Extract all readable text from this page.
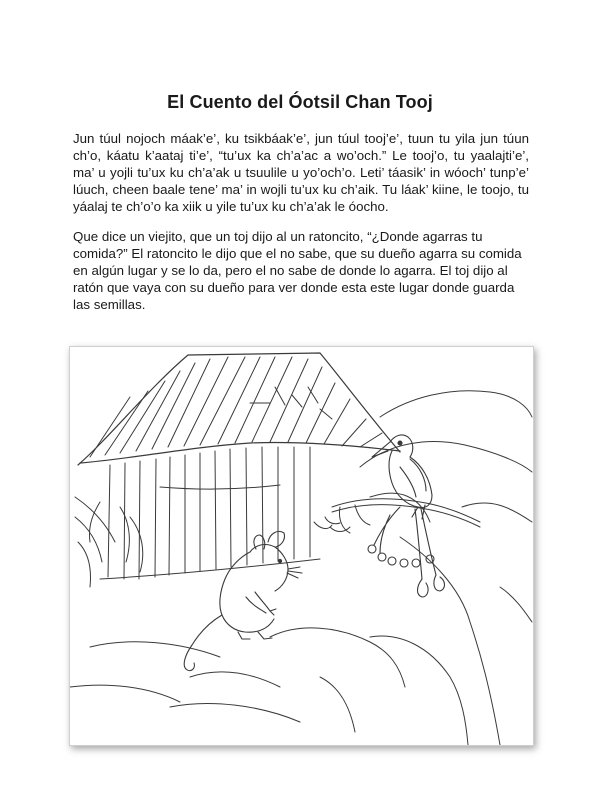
El Cuento del Óotsil Chan Tooj

Jun túul nojoch máak’e’, ku tsikbáak’e’, jun túul tooj’e’, tuun tu yila jun túun ch’o, káatu k’aataj ti’e’, “tu’ux ka ch’a’ac a wo’och.” Le tooj’o, tu yaalajti’e’, ma’ u yojli tu’ux ku ch’a’ak u tsuulile u yo’och’o. Leti’ táasik’ in wóoch’ tunp’e’ lúuch, cheen baale tene’ ma’ in wojli tu’ux ku ch’aik. Tu láak’ kiine, le toojo, tu yáalaj te ch’o’o ka xiik u yile tu’ux ku ch’a’ak le óocho.

Que dice un viejito, que un toj dijo al un ratoncito, “¿Donde agarras tu comida?” El ratoncito le dijo que el no sabe, que su dueño agarra su comida en algún lugar y se lo da, pero el no sabe de donde lo agarra. El toj dijo al ratón que vaya con su dueño para ver donde esta este lugar donde guarda las semillas.
